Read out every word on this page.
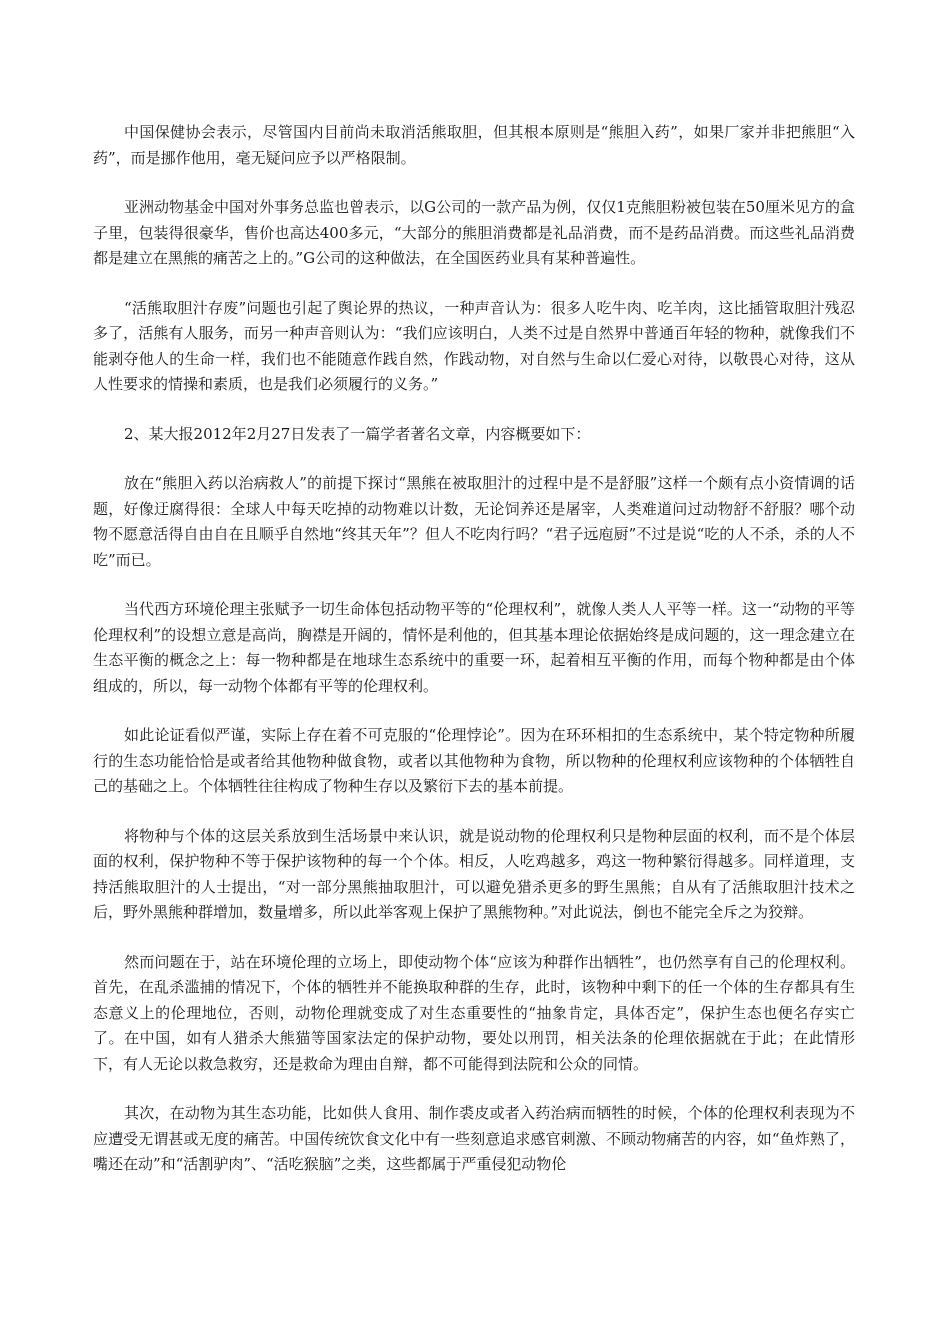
中国保健协会表示，尽管国内目前尚未取消活熊取胆，但其根本原则是“熊胆入药”，如果厂家并非把熊胆“入药”，而是挪作他用，毫无疑问应予以严格限制。

亚洲动物基金中国对外事务总监也曾表示，以G公司的一款产品为例，仅仅1克熊胆粉被包装在50厘米见方的盒子里，包装得很豪华，售价也高达400多元，“大部分的熊胆消费都是礼品消费，而不是药品消费。而这些礼品消费都是建立在黑熊的痛苦之上的。”G公司的这种做法，在全国医药业具有某种普遍性。

“活熊取胆汁存废”问题也引起了舆论界的热议，一种声音认为：很多人吃牛肉、吃羊肉，这比插管取胆汁残忍多了，活熊有人服务，而另一种声音则认为：“我们应该明白，人类不过是自然界中普通百年轻的物种，就像我们不能剥夺他人的生命一样，我们也不能随意作践自然，作践动物，对自然与生命以仁爱心对待，以敬畏心对待，这从人性要求的情操和素质，也是我们必须履行的义务。”

2、某大报2012年2月27日发表了一篇学者著名文章，内容概要如下：

放在“熊胆入药以治病救人”的前提下探讨“黑熊在被取胆汁的过程中是不是舒服”这样一个颇有点小资情调的话题，好像迂腐得很：全球人中每天吃掉的动物难以计数，无论饲养还是屠宰，人类难道问过动物舒不舒服？哪个动物不愿意活得自由自在且顺乎自然地“终其天年”？但人不吃肉行吗？“君子远庖厨”不过是说“吃的人不杀，杀的人不吃”而已。

当代西方环境伦理主张赋予一切生命体包括动物平等的“伦理权利”，就像人类人人平等一样。这一“动物的平等伦理权利”的设想立意是高尚，胸襟是开阔的，情怀是利他的，但其基本理论依据始终是成问题的，这一理念建立在生态平衡的概念之上：每一物种都是在地球生态系统中的重要一环，起着相互平衡的作用，而每个物种都是由个体组成的，所以，每一动物个体都有平等的伦理权利。

如此论证看似严谨，实际上存在着不可克服的“伦理悖论”。因为在环环相扣的生态系统中，某个特定物种所履行的生态功能恰恰是或者给其他物种做食物，或者以其他物种为食物，所以物种的伦理权利应该物种的个体牺牲自己的基础之上。个体牺牲往往构成了物种生存以及繁衍下去的基本前提。

将物种与个体的这层关系放到生活场景中来认识，就是说动物的伦理权利只是物种层面的权利，而不是个体层面的权利，保护物种不等于保护该物种的每一个个体。相反，人吃鸡越多，鸡这一物种繁衍得越多。同样道理，支持活熊取胆汁的人士提出，“对一部分黑熊抽取胆汁，可以避免猎杀更多的野生黑熊；自从有了活熊取胆汁技术之后，野外黑熊种群增加，数量增多，所以此举客观上保护了黑熊物种。”对此说法，倒也不能完全斥之为狡辩。

然而问题在于，站在环境伦理的立场上，即使动物个体“应该为种群作出牺牲”，也仍然享有自己的伦理权利。首先，在乱杀滥捕的情况下，个体的牺牲并不能换取种群的生存，此时，该物种中剩下的任一个体的生存都具有生态意义上的伦理地位，否则，动物伦理就变成了对生态重要性的“抽象肯定，具体否定”，保护生态也便名存实亡了。在中国，如有人猎杀大熊猫等国家法定的保护动物，要处以刑罚，相关法条的伦理依据就在于此；在此情形下，有人无论以救急救穷，还是救命为理由自辩，都不可能得到法院和公众的同情。

其次，在动物为其生态功能，比如供人食用、制作裘皮或者入药治病而牺牲的时候，个体的伦理权利表现为不应遭受无谓甚或无度的痛苦。中国传统饮食文化中有一些刻意追求感官刺激、不顾动物痛苦的内容，如“鱼炸熟了，嘴还在动”和“活割驴肉”、“活吃猴脑”之类，这些都属于严重侵犯动物伦
